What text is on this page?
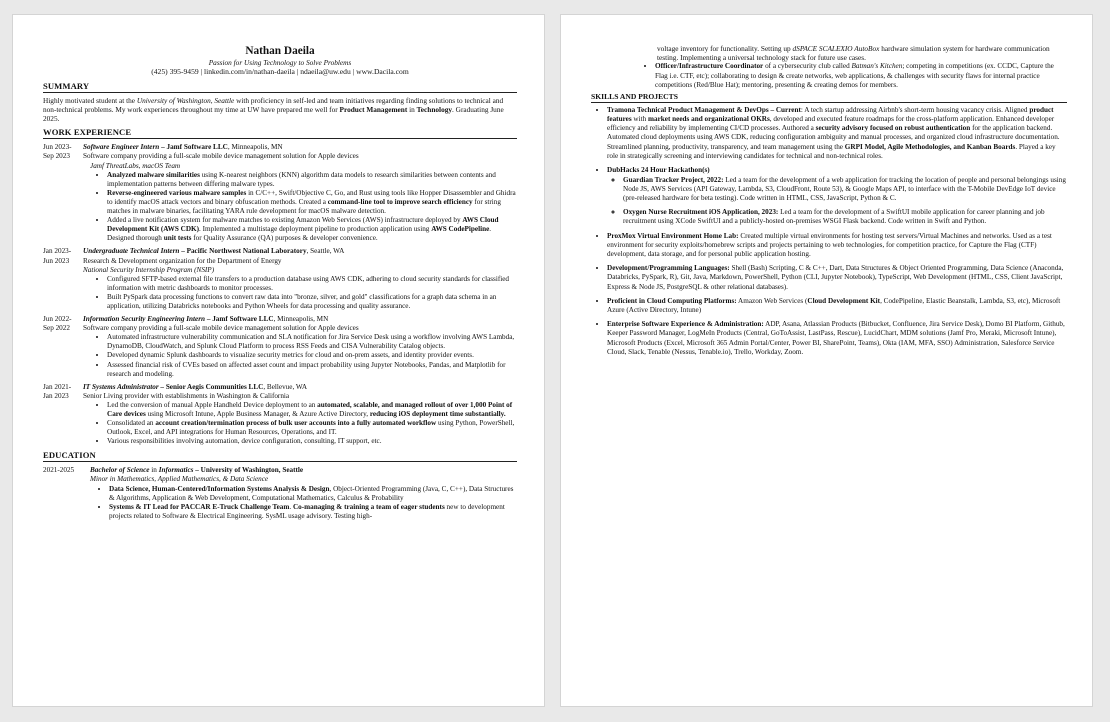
Nathan Daeila
Passion for Using Technology to Solve Problems
(425) 395-9459 | linkedin.com/in/nathan-daeila | ndaeila@uw.edu | www.Dacila.com
SUMMARY
Highly motivated student at the University of Washington, Seattle with proficiency in self-led and team initiatives regarding finding solutions to technical and non-technical problems. My work experiences throughout my time at UW have prepared me well for Product Management in Technology. Graduating June 2025.
WORK EXPERIENCE
Jun 2023-	Software Engineer Intern – Jamf Software LLC, Minneapolis, MN
Sep 2023	Software company providing a full-scale mobile device management solution for Apple devices
Jamf ThreatLabs, macOS Team
• Analyzed malware similarities using K-nearest neighbors (KNN) algorithm data models to research similarities between contents and implementation patterns between differing malware types.
• Reverse-engineered various malware samples in C/C++, Swift/Objective C, Go, and Rust using tools like Hopper Disassembler and Ghidra to identify macOS attack vectors and binary obfuscation methods. Created a command-line tool to improve search efficiency for string matches in malware binaries, facilitating YARA rule development for macOS malware detection.
• Added a live notification system for malware matches to existing Amazon Web Services (AWS) infrastructure deployed by AWS Cloud Development Kit (AWS CDK). Implemented a multistage deployment pipeline to production application using AWS CodePipeline. Designed thorough unit tests for Quality Assurance (QA) purposes & developer convenience.
Jan 2023-	Undergraduate Technical Intern – Pacific Northwest National Laboratory, Seattle, WA
Jun 2023	Research & Development organization for the Department of Energy
National Security Internship Program (NSIP)
• Configured SFTP-based external file transfers to a production database using AWS CDK, adhering to cloud security standards for classified information with metric dashboards to monitor processes.
• Built PySpark data processing functions to convert raw data into "bronze, silver, and gold" classifications for a graph data schema in an application, utilizing Databricks notebooks and Python Wheels for data processing and quality assurance.
Jun 2022-	Information Security Engineering Intern – Jamf Software LLC, Minneapolis, MN
Sep 2022	Software company providing a full-scale mobile device management solution for Apple devices
• Automated infrastructure vulnerability communication and SLA notification for Jira Service Desk using a workflow involving AWS Lambda, DynamoDB, CloudWatch, and Splunk Cloud Platform to process RSS Feeds and CISA Vulnerability Catalog objects.
• Developed dynamic Splunk dashboards to visualize security metrics for cloud and on-prem assets, and identity provider events.
• Assessed financial risk of CVEs based on affected asset count and impact probability using Jupyter Notebooks, Pandas, and Matplotlib for research and modeling.
Jan 2021-	IT Systems Administrator – Senior Aegis Communities LLC, Bellevue, WA
Jan 2023	Senior Living provider with establishments in Washington & California
• Led the conversion of manual Apple Handheld Device deployment to an automated, scalable, and managed rollout of over 1,000 Point of Care devices using Microsoft Intune, Apple Business Manager, & Azure Active Directory, reducing iOS deployment time substantially.
• Consolidated an account creation/termination process of bulk user accounts into a fully automated workflow using Python, PowerShell, Outlook, Excel, and API integrations for Human Resources, Operations, and IT.
• Various responsibilities involving automation, device configuration, consulting, IT support, etc.
EDUCATION
2021-2025	Bachelor of Science in Informatics – University of Washington, Seattle
Minor in Mathematics, Applied Mathematics, & Data Science
• Data Science, Human-Centered/Information Systems Analysis & Design, Object-Oriented Programming (Java, C, C++), Data Structures & Algorithms, Application & Web Development, Computational Mathematics, Calculus & Probability
• Systems & IT Lead for PACCAR E-Truck Challenge Team. Co-managing & training a team of eager students new to development projects related to Software & Electrical Engineering. SysML usage advisory. Testing high-
voltage inventory for functionality. Setting up dSPACE SCALEXIO AutoBox hardware simulation system for hardware communication testing. Implementing a universal technology stack for future use cases.
• Officer/Infrastructure Coordinator of a cybersecurity club called Batman's Kitchen; competing in competitions (ex. CCDC, Capture the Flag i.e. CTF, etc); collaborating to design & create networks, web applications, & challenges with security flaws for internal practice competitions (Red/Blue Hat); mentoring, presenting & creating demos for members.
SKILLS AND PROJECTS
• Tramona Technical Product Management & DevOps – Current: A tech startup addressing Airbnb's short-term housing vacancy crisis. Aligned product features with market needs and organizational OKRs, developed and executed feature roadmaps for the cross-platform application. Enhanced developer efficiency and reliability by implementing CI/CD processes. Authored a security advisory focused on robust authentication for the application backend. Automated cloud deployments using AWS CDK, reducing configuration ambiguity and manual processes, and organized cloud infrastructure documentation. Streamlined planning, productivity, transparency, and team management using the GRPI Model, Agile Methodologies, and Kanban Boards. Played a key role in strategically screening and interviewing candidates for technical and non-technical roles.
• DubHacks 24 Hour Hackathon(s)
◦ Guardian Tracker Project, 2022: Led a team for the development of a web application for tracking the location of people and personal belongings using Node JS, AWS Services (API Gateway, Lambda, S3, CloudFront, Route 53), & Google Maps API, to interface with the T-Mobile DevEdge IoT device (pre-released hardware for beta testing). Code written in HTML, CSS, JavaScript, Python & C.
◦ Oxygen Nurse Recruitment iOS Application, 2023: Led a team for the development of a SwiftUI mobile application for career planning and job recruitment using XCode SwiftUI and a publicly-hosted on-premises WSGI Flask backend. Code written in Swift and Python.
• ProxMox Virtual Environment Home Lab: Created multiple virtual environments for hosting test servers/Virtual Machines and networks. Used as a test environment for security exploits/homebrew scripts and projects pertaining to web technologies, for competition practice, for Capture the Flag (CTF) development, data storage, and for personal public application hosting.
• Development/Programming Languages: Shell (Bash) Scripting, C & C++, Dart, Data Structures & Object Oriented Programming, Data Science (Anaconda, Databricks, PySpark, R), Git, Java, Markdown, PowerShell, Python (CLI, Jupyter Notebook), TypeScript, Web Development (HTML, CSS, Client JavaScript, Express & Node JS, PostgreSQL & other relational databases).
• Proficient in Cloud Computing Platforms: Amazon Web Services (Cloud Development Kit, CodePipeline, Elastic Beanstalk, Lambda, S3, etc), Microsoft Azure (Active Directory, Intune)
• Enterprise Software Experience & Administration: ADP, Asana, Atlassian Products (Bitbucket, Confluence, Jira Service Desk), Domo BI Platform, Github, Keeper Password Manager, LogMeIn Products (Central, GoToAssist, LastPass, Rescue), LucidChart, MDM solutions (Jamf Pro, Meraki, Microsoft Intune), Microsoft Products (Excel, Microsoft 365 Admin Portal/Center, Power BI, SharePoint, Teams), Okta (IAM, MFA, SSO) Administration, Salesforce Service Cloud, Slack, Tenable (Nessus, Tenable.io), Trello, Workday, Zoom.
